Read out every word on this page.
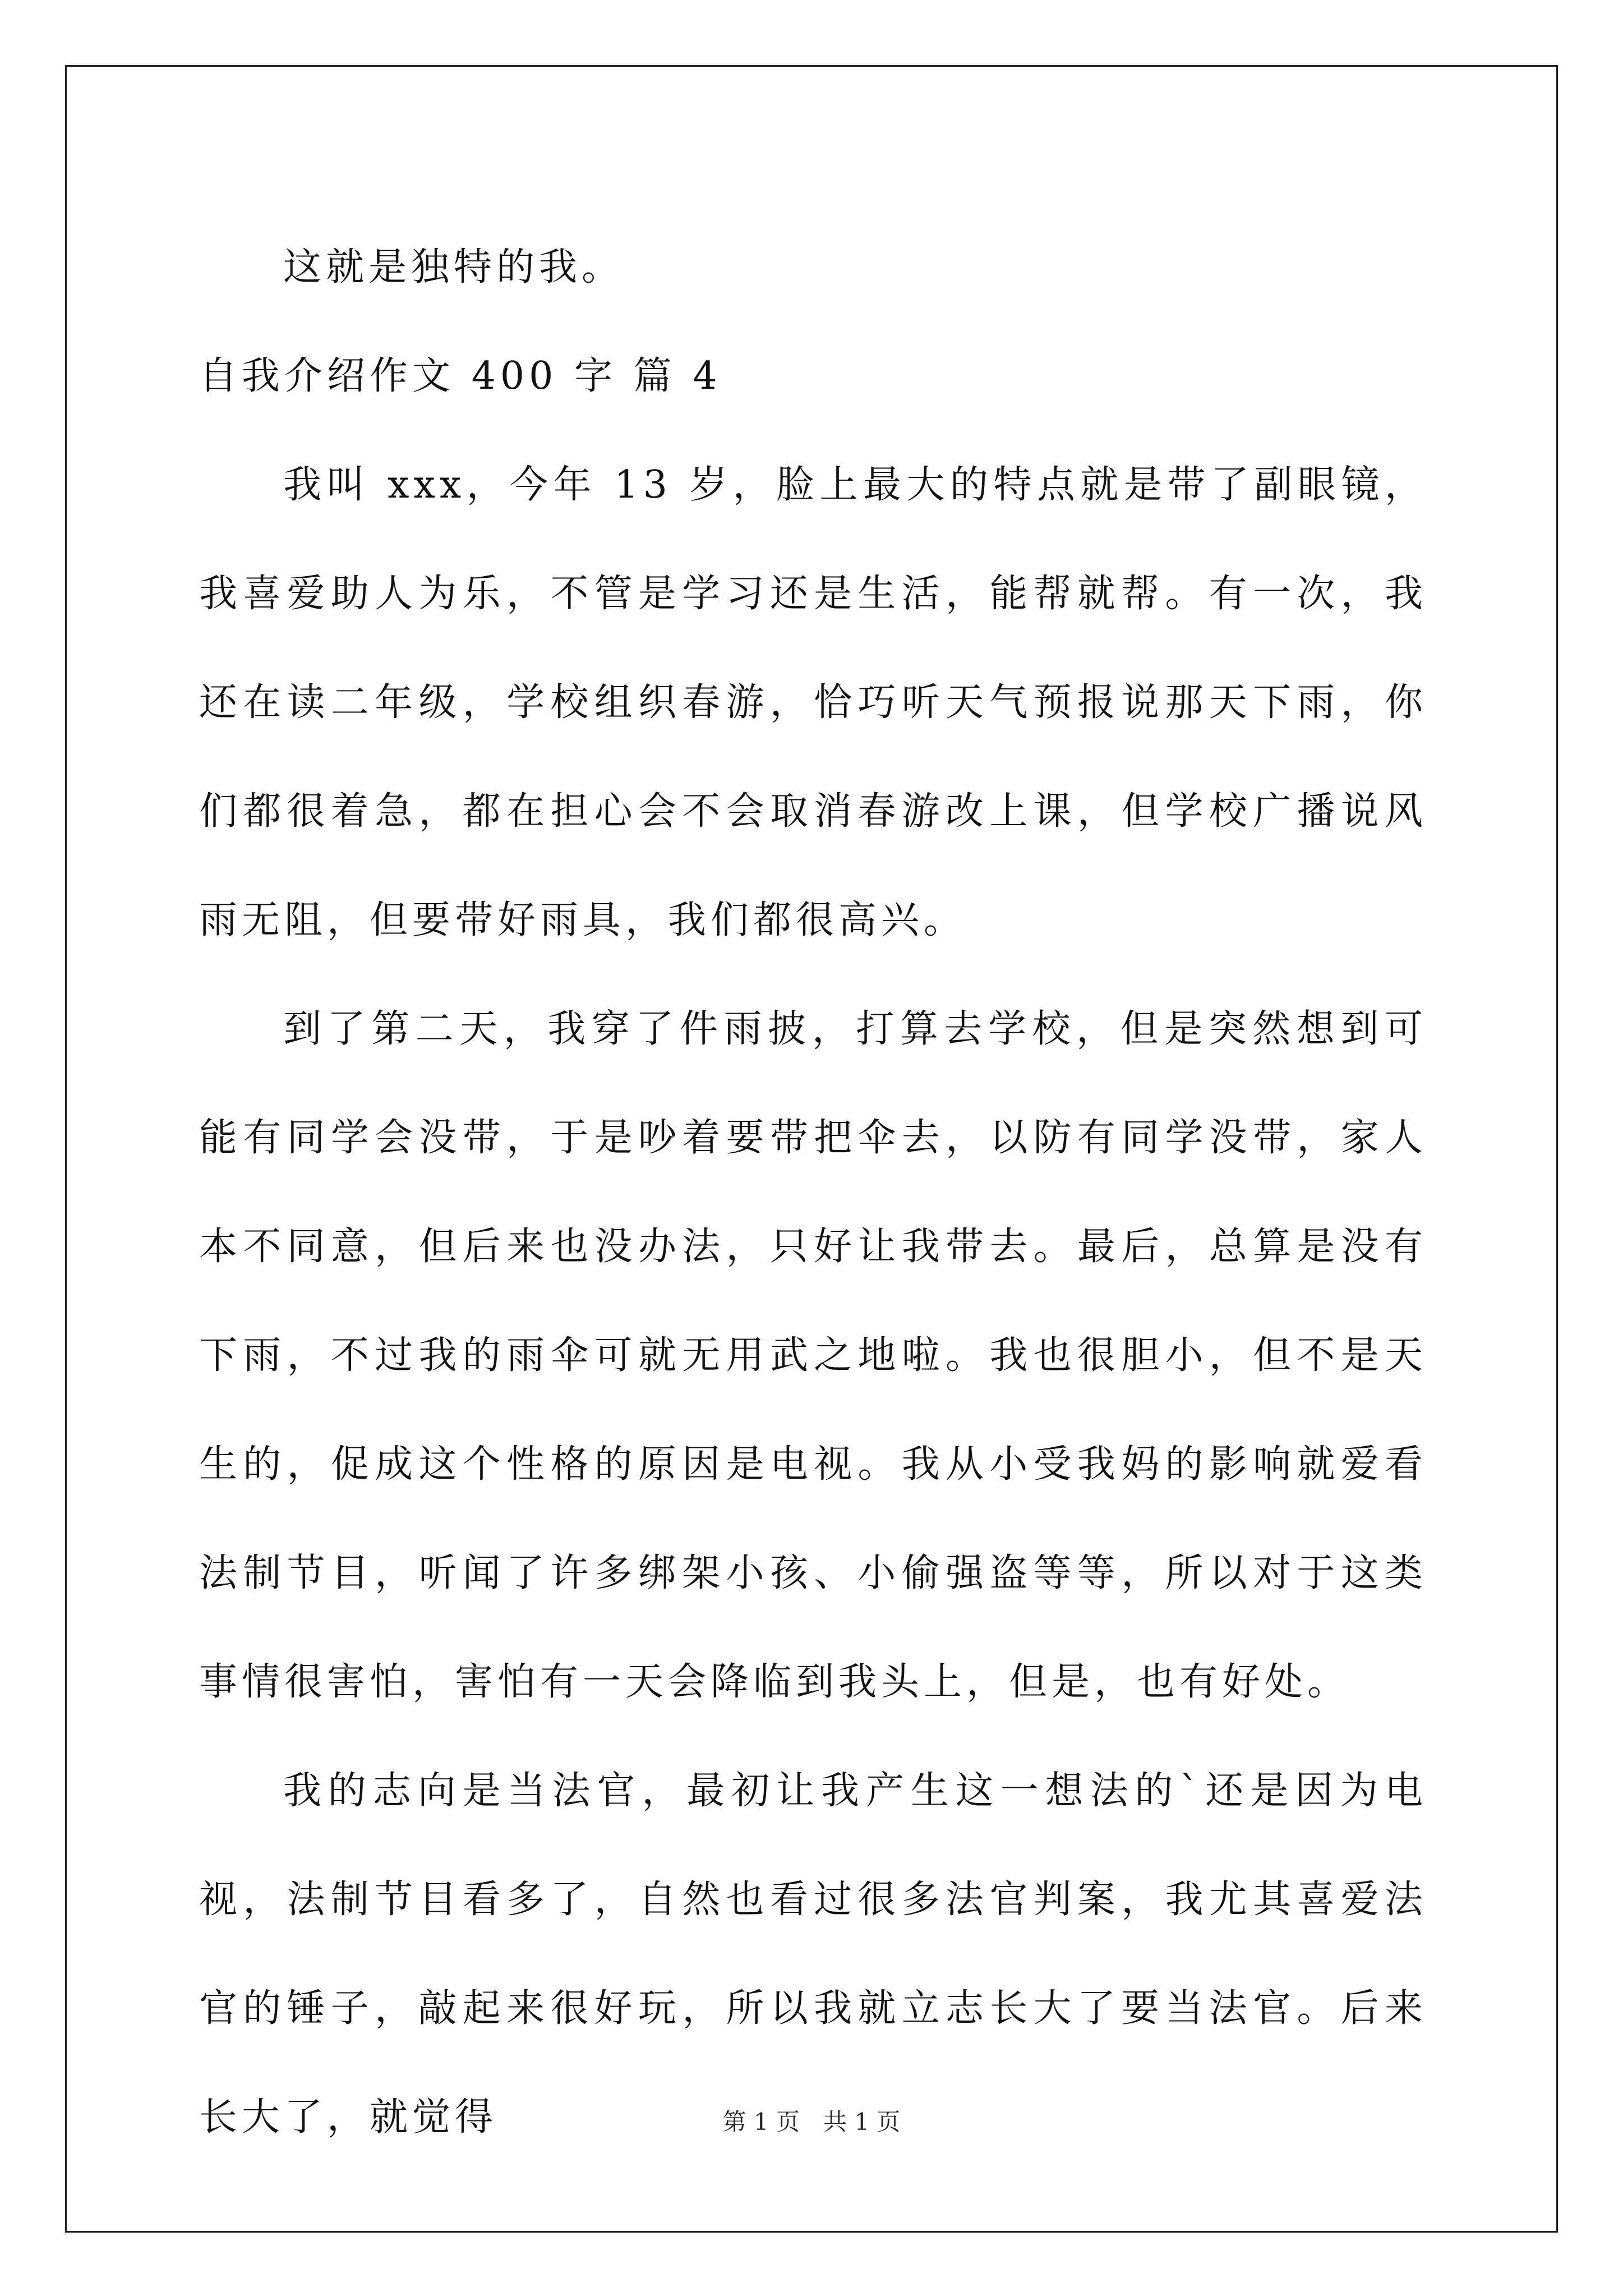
这就是独特的我。

自我介绍作文 400 字 篇 4

我叫 xxx，今年 13 岁，脸上最大的特点就是带了副眼镜，我喜爱助人为乐，不管是学习还是生活，能帮就帮。有一次，我还在读二年级，学校组织春游，恰巧听天气预报说那天下雨，你们都很着急，都在担心会不会取消春游改上课，但学校广播说风雨无阻，但要带好雨具，我们都很高兴。

到了第二天，我穿了件雨披，打算去学校，但是突然想到可能有同学会没带，于是吵着要带把伞去，以防有同学没带，家人本不同意，但后来也没办法，只好让我带去。最后，总算是没有下雨，不过我的雨伞可就无用武之地啦。我也很胆小，但不是天生的，促成这个性格的原因是电视。我从小受我妈的影响就爱看法制节目，听闻了许多绑架小孩、小偷强盗等等，所以对于这类事情很害怕，害怕有一天会降临到我头上，但是，也有好处。

我的志向是当法官，最初让我产生这一想法的`还是因为电视，法制节目看多了，自然也看过很多法官判案，我尤其喜爱法官的锤子，敲起来很好玩，所以我就立志长大了要当法官。后来长大了，就觉得	第 1 页　共 1 页
